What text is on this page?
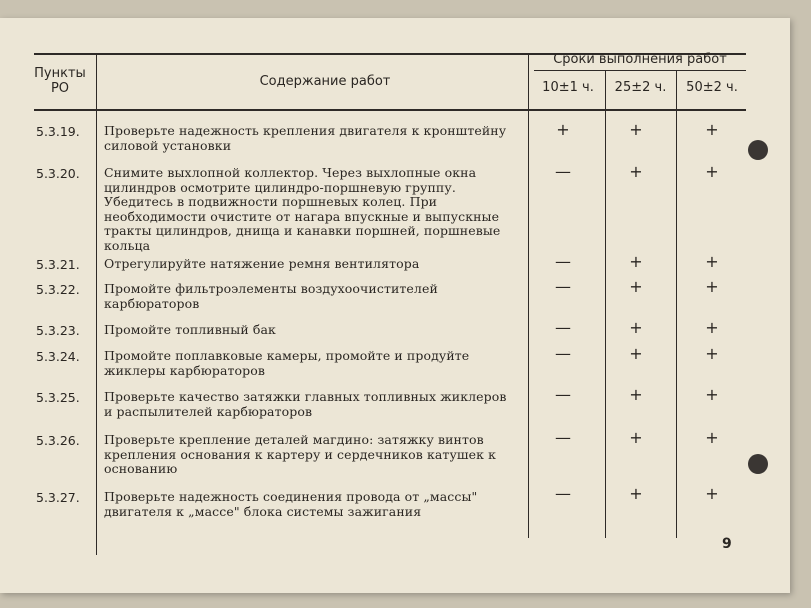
Пункты РО	Содержание работ
Сроки выполнения работ
10±1 ч.	25±2 ч.	50±2 ч.
5.3.19. Проверьте надежность крепления двигателя к кронштейну силовой установки
+	+	+
5.3.20. Снимите выхлопной коллектор. Через выхлопные окна цилиндров осмотрите цилиндро-поршневую группу. Убедитесь в подвижности поршневых колец. При необходимости очистите от нагара впускные и выпускные тракты цилиндров, днища и канавки поршней, поршневые кольца
—	+	+
5.3.21. Отрегулируйте натяжение ремня вентилятора	—	+	+
5.3.22. Промойте фильтроэлементы воздухоочистителей карбюраторов
—	+	+
5.3.23. Промойте топливный бак	—	+	+
5.3.24. Промойте поплавковые камеры, промойте и продуйте жиклеры карбюраторов
—	+	+
5.3.25. Проверьте качество затяжки главных топливных жиклеров и распылителей карбюраторов
—	+	+
5.3.26. Проверьте крепление деталей магдино: затяжку винтов крепления основания к картеру и сердечников катушек к основанию
—	+	+
5.3.27. Проверьте надежность соединения провода от „массы" двигателя к „массе" блока системы зажигания
—	+	+
9
